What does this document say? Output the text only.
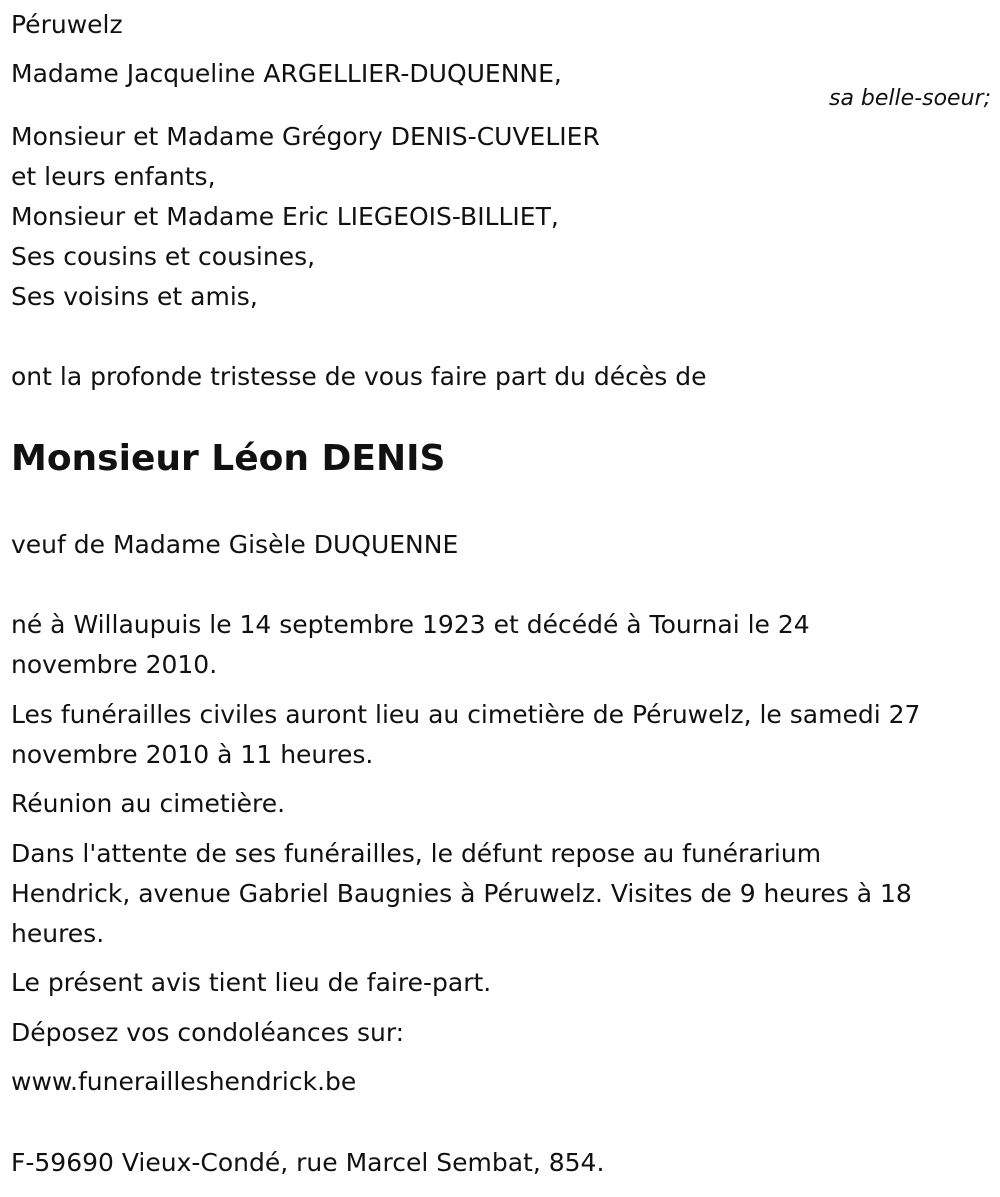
Péruwelz
Madame Jacqueline ARGELLIER-DUQUENNE,
sa belle-soeur;
Monsieur et Madame Grégory DENIS-CUVELIER
et leurs enfants,
Monsieur et Madame Eric LIEGEOIS-BILLIET,
Ses cousins et cousines,
Ses voisins et amis,
ont la profonde tristesse de vous faire part du décès de
Monsieur Léon DENIS
veuf de Madame Gisèle DUQUENNE
né à Willaupuis le 14 septembre 1923 et décédé à Tournai le 24
novembre 2010.
Les funérailles civiles auront lieu au cimetière de Péruwelz, le samedi 27
novembre 2010 à 11 heures.
Réunion au cimetière.
Dans l'attente de ses funérailles, le défunt repose au funérarium
Hendrick, avenue Gabriel Baugnies à Péruwelz. Visites de 9 heures à 18
heures.
Le présent avis tient lieu de faire-part.
Déposez vos condoléances sur:
www.funerailleshendrick.be
F-59690 Vieux-Condé, rue Marcel Sembat, 854.
